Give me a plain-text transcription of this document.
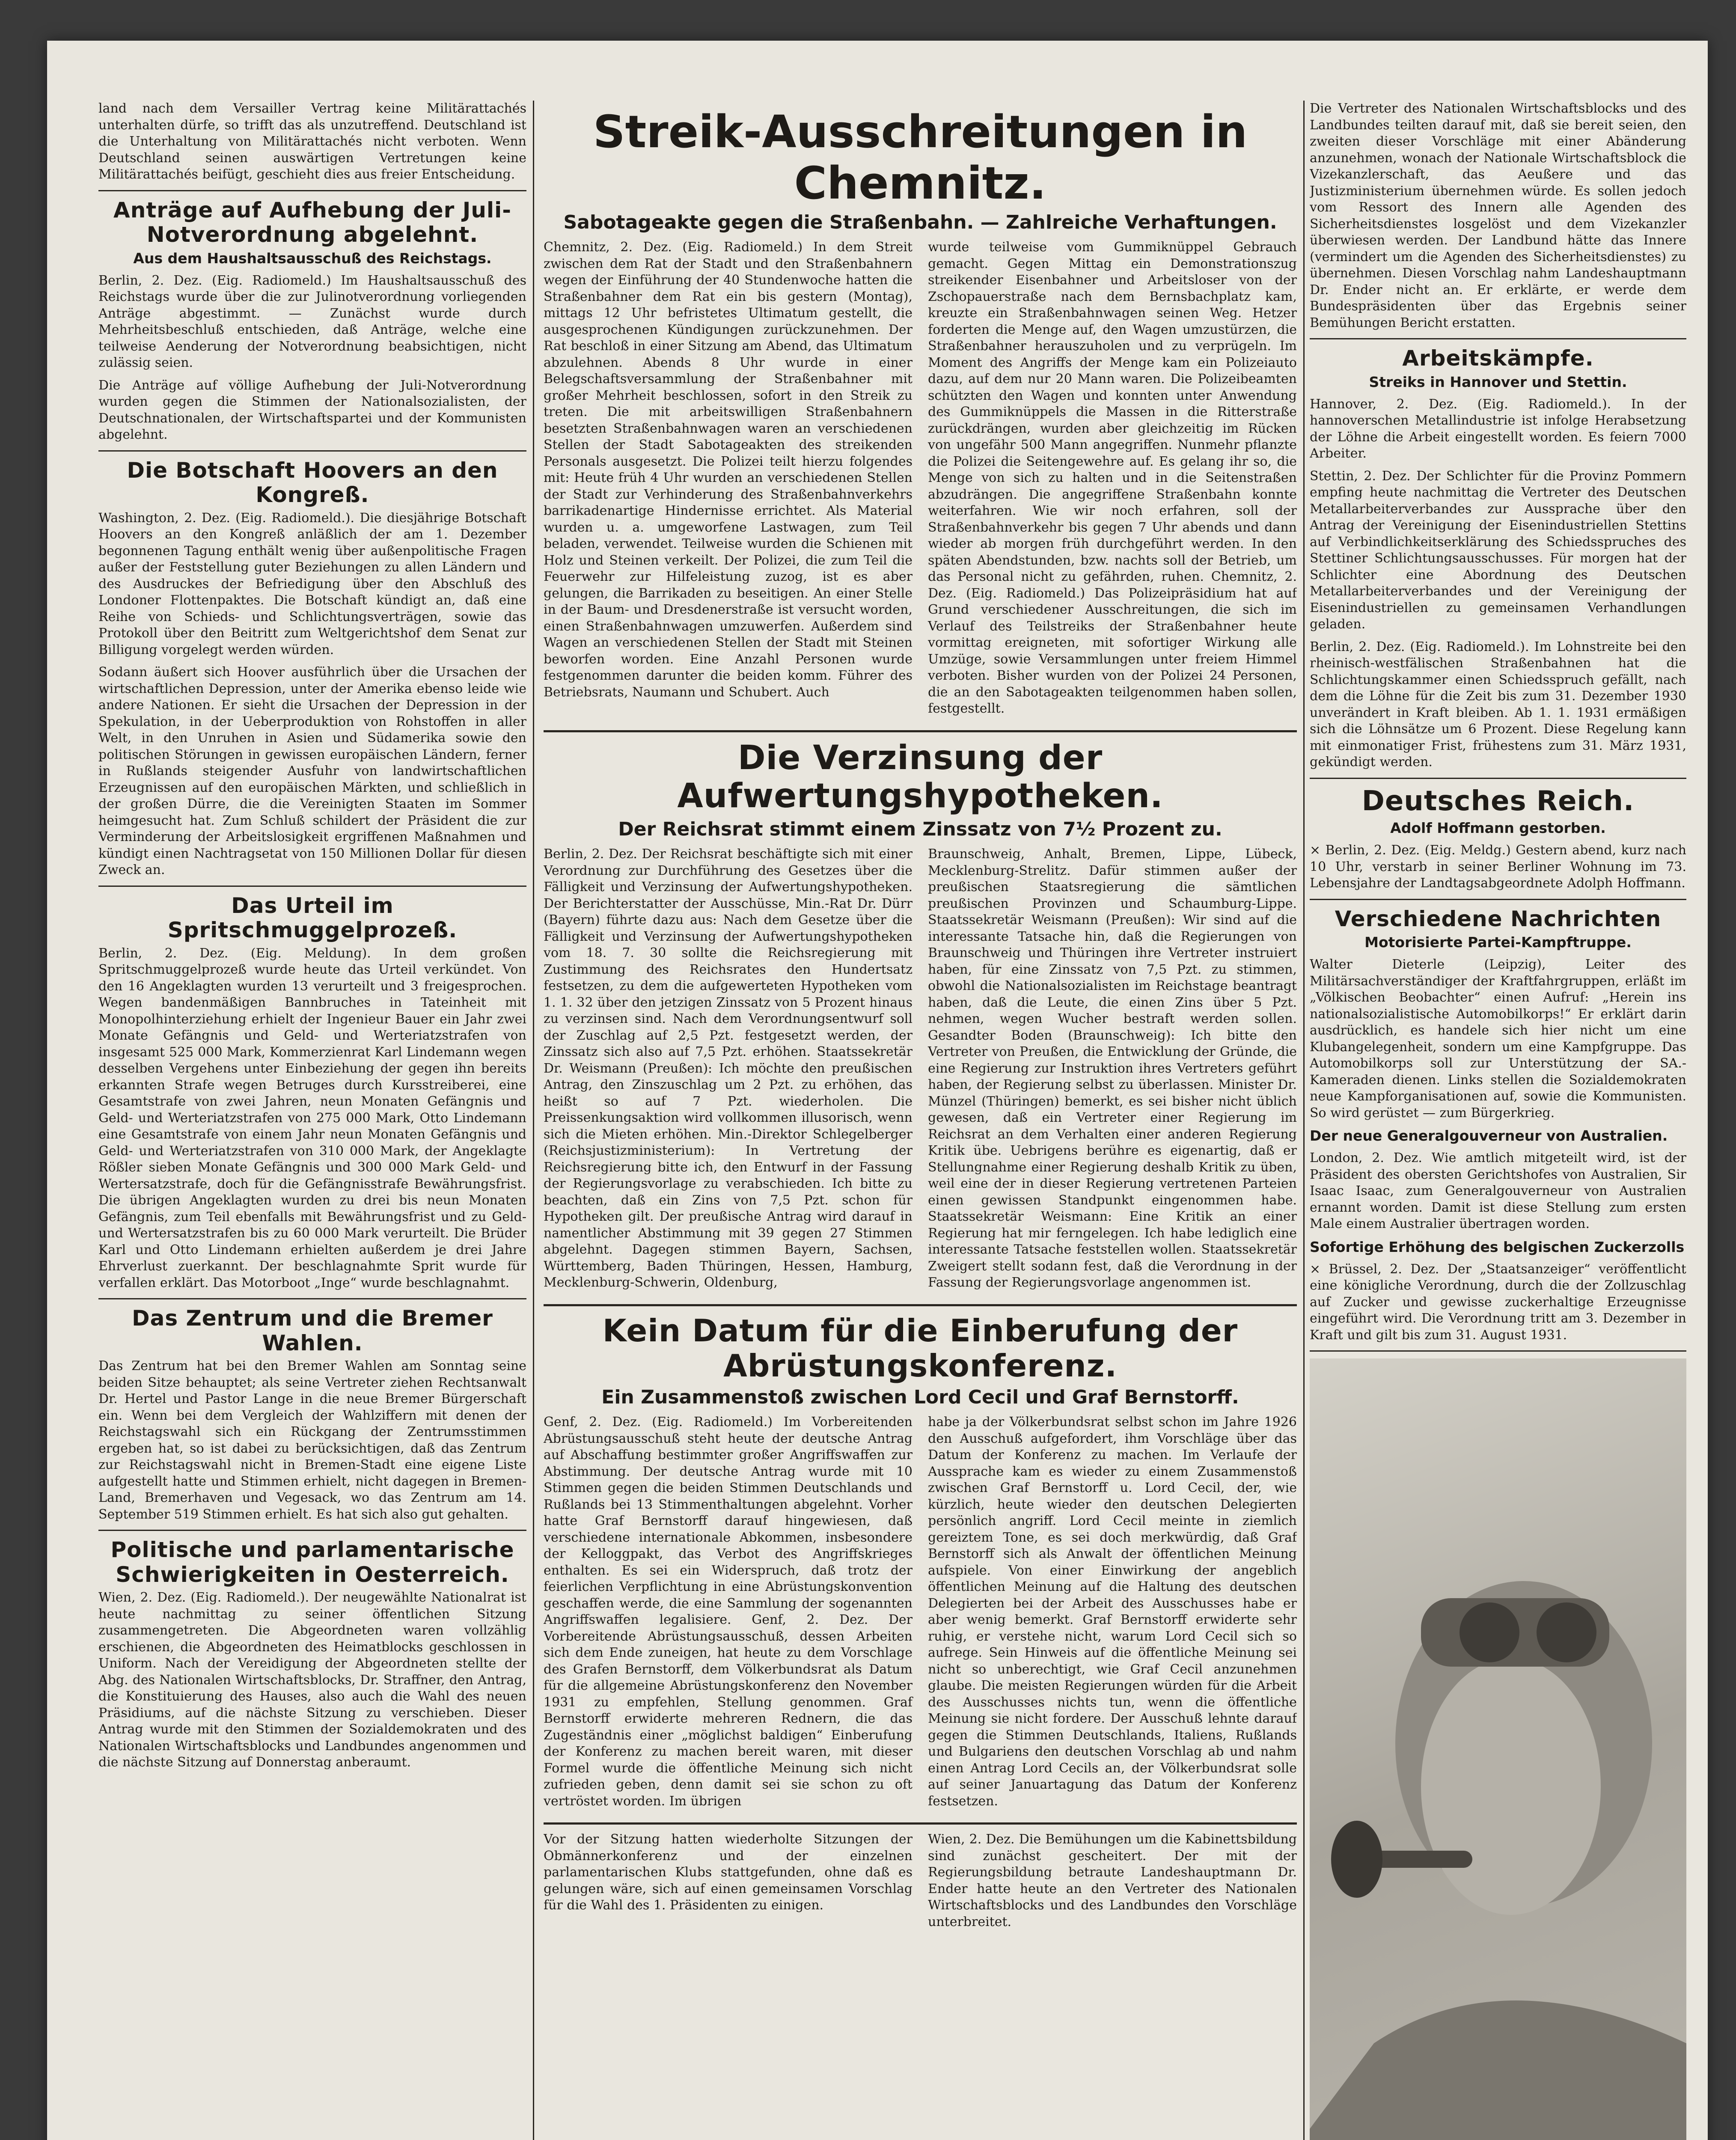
land nach dem Versailler Vertrag keine Militärattachés unterhalten dürfe, so trifft das als unzutreffend. Deutschland ist die Unterhaltung von Militärattachés nicht verboten. Wenn Deutschland seinen auswärtigen Vertretungen keine Militärattachés beifügt, geschieht dies aus freier Entscheidung.

Anträge auf Aufhebung der Juli-Notverordnung abgelehnt.
Aus dem Haushaltsausschuß des Reichstags.

Berlin, 2. Dez. (Eig. Radiomeld.) Im Haushaltsausschuß des Reichstags wurde über die zur Julinotverordnung vorliegenden Anträge abgestimmt. — Zunächst wurde durch Mehrheitsbeschluß entschieden, daß Anträge, welche eine teilweise Aenderung der Notverordnung beabsichtigen, nicht zulässig seien.

Die Anträge auf völlige Aufhebung der Juli-Notverordnung wurden gegen die Stimmen der Nationalsozialisten, der Deutschnationalen, der Wirtschaftspartei und der Kommunisten abgelehnt.

Die Botschaft Hoovers an den Kongreß.

Washington, 2. Dez. (Eig. Radiomeld.). Die diesjährige Botschaft Hoovers an den Kongreß anläßlich der am 1. Dezember begonnenen Tagung enthält wenig über außenpolitische Fragen außer der Feststellung guter Beziehungen zu allen Ländern und des Ausdruckes der Befriedigung über den Abschluß des Londoner Flottenpaktes. Die Botschaft kündigt an, daß eine Reihe von Schieds- und Schlichtungsverträgen, sowie das Protokoll über den Beitritt zum Weltgerichtshof dem Senat zur Billigung vorgelegt werden würden.

Sodann äußert sich Hoover ausführlich über die Ursachen der wirtschaftlichen Depression, unter der Amerika ebenso leide wie andere Nationen. Er sieht die Ursachen der Depression in der Spekulation, in der Ueberproduktion von Rohstoffen in aller Welt, in den Unruhen in Asien und Südamerika sowie den politischen Störungen in gewissen europäischen Ländern, ferner in Rußlands steigender Ausfuhr von landwirtschaftlichen Erzeugnissen auf den europäischen Märkten, und schließlich in der großen Dürre, die die Vereinigten Staaten im Sommer heimgesucht hat. Zum Schluß schildert der Präsident die zur Verminderung der Arbeitslosigkeit ergriffenen Maßnahmen und kündigt einen Nachtragsetat von 150 Millionen Dollar für diesen Zweck an.

Das Urteil im Spritschmuggelprozeß.

Berlin, 2. Dez. (Eig. Meldung). In dem großen Spritschmuggelprozeß wurde heute das Urteil verkündet. Von den 16 Angeklagten wurden 13 verurteilt und 3 freigesprochen. Wegen bandenmäßigen Bannbruches in Tateinheit mit Monopolhinterziehung erhielt der Ingenieur Bauer ein Jahr zwei Monate Gefängnis und Geld- und Werteriatzstrafen von insgesamt 525 000 Mark, Kommerzienrat Karl Lindemann wegen desselben Vergehens unter Einbeziehung der gegen ihn bereits erkannten Strafe wegen Betruges durch Kursstreiberei, eine Gesamtstrafe von zwei Jahren, neun Monaten Gefängnis und Geld- und Werteriatzstrafen von 275 000 Mark, Otto Lindemann eine Gesamtstrafe von einem Jahr neun Monaten Gefängnis und Geld- und Werteriatzstrafen von 310 000 Mark, der Angeklagte Rößler sieben Monate Gefängnis und 300 000 Mark Geld- und Wertersatzstrafe, doch für die Gefängnisstrafe Bewährungsfrist. Die übrigen Angeklagten wurden zu drei bis neun Monaten Gefängnis, zum Teil ebenfalls mit Bewährungsfrist und zu Geld- und Wertersatzstrafen bis zu 60 000 Mark verurteilt. Die Brüder Karl und Otto Lindemann erhielten außerdem je drei Jahre Ehrverlust zuerkannt. Der beschlagnahmte Sprit wurde für verfallen erklärt. Das Motorboot „Inge“ wurde beschlagnahmt.

Das Zentrum und die Bremer Wahlen.

Das Zentrum hat bei den Bremer Wahlen am Sonntag seine beiden Sitze behauptet; als seine Vertreter ziehen Rechtsanwalt Dr. Hertel und Pastor Lange in die neue Bremer Bürgerschaft ein. Wenn bei dem Vergleich der Wahlziffern mit denen der Reichstagswahl sich ein Rückgang der Zentrumsstimmen ergeben hat, so ist dabei zu berücksichtigen, daß das Zentrum zur Reichstagswahl nicht in Bremen-Stadt eine eigene Liste aufgestellt hatte und Stimmen erhielt, nicht dagegen in Bremen-Land, Bremerhaven und Vegesack, wo das Zentrum am 14. September 519 Stimmen erhielt. Es hat sich also gut gehalten.

Politische und parlamentarische Schwierigkeiten in Oesterreich.

Wien, 2. Dez. (Eig. Radiomeld.). Der neugewählte Nationalrat ist heute nachmittag zu seiner öffentlichen Sitzung zusammengetreten. Die Abgeordneten waren vollzählig erschienen, die Abgeordneten des Heimatblocks geschlossen in Uniform. Nach der Vereidigung der Abgeordneten stellte der Abg. des Nationalen Wirtschaftsblocks, Dr. Straffner, den Antrag, die Konstituierung des Hauses, also auch die Wahl des neuen Präsidiums, auf die nächste Sitzung zu verschieben. Dieser Antrag wurde mit den Stimmen der Sozialdemokraten und des Nationalen Wirtschaftsblocks und Landbundes angenommen und die nächste Sitzung auf Donnerstag anberaumt.

Streik-Ausschreitungen in Chemnitz.
Sabotageakte gegen die Straßenbahn. — Zahlreiche Verhaftungen.

Chemnitz, 2. Dez. (Eig. Radiomeld.) In dem Streit zwischen dem Rat der Stadt und den Straßenbahnern wegen der Einführung der 40 Stundenwoche hatten die Straßenbahner dem Rat ein bis gestern (Montag), mittags 12 Uhr befristetes Ultimatum gestellt, die ausgesprochenen Kündigungen zurückzunehmen. Der Rat beschloß in einer Sitzung am Abend, das Ultimatum abzulehnen. Abends 8 Uhr wurde in einer Belegschaftsversammlung der Straßenbahner mit großer Mehrheit beschlossen, sofort in den Streik zu treten. Die mit arbeitswilligen Straßenbahnern besetzten Straßenbahnwagen waren an verschiedenen Stellen der Stadt Sabotageakten des streikenden Personals ausgesetzt. Die Polizei teilt hierzu folgendes mit: Heute früh 4 Uhr wurden an verschiedenen Stellen der Stadt zur Verhinderung des Straßenbahnverkehrs barrikadenartige Hindernisse errichtet. Als Material wurden u. a. umgeworfene Lastwagen, zum Teil beladen, verwendet. Teilweise wurden die Schienen mit Holz und Steinen verkeilt. Der Polizei, die zum Teil die Feuerwehr zur Hilfeleistung zuzog, ist es aber gelungen, die Barrikaden zu beseitigen. An einer Stelle in der Baum- und Dresdenerstraße ist versucht worden, einen Straßenbahnwagen umzuwerfen. Außerdem sind Wagen an verschiedenen Stellen der Stadt mit Steinen beworfen worden. Eine Anzahl Personen wurde festgenommen darunter die beiden komm. Führer des Betriebsrats, Naumann und Schubert. Auch

wurde teilweise vom Gummiknüppel Gebrauch gemacht. Gegen Mittag ein Demonstrationszug streikender Eisenbahner und Arbeitsloser von der Zschopauerstraße nach dem Bernsbachplatz kam, kreuzte ein Straßenbahnwagen seinen Weg. Hetzer forderten die Menge auf, den Wagen umzustürzen, die Straßenbahner herauszuholen und zu verprügeln. Im Moment des Angriffs der Menge kam ein Polizeiauto dazu, auf dem nur 20 Mann waren. Die Polizeibeamten schützten den Wagen und konnten unter Anwendung des Gummiknüppels die Massen in die Ritterstraße zurückdrängen, wurden aber gleichzeitig im Rücken von ungefähr 500 Mann angegriffen. Nunmehr pflanzte die Polizei die Seitengewehre auf. Es gelang ihr so, die Menge von sich zu halten und in die Seitenstraßen abzudrängen. Die angegriffene Straßenbahn konnte weiterfahren. Wie wir noch erfahren, soll der Straßenbahnverkehr bis gegen 7 Uhr abends und dann wieder ab morgen früh durchgeführt werden. In den späten Abendstunden, bzw. nachts soll der Betrieb, um das Personal nicht zu gefährden, ruhen. Chemnitz, 2. Dez. (Eig. Radiomeld.) Das Polizeipräsidium hat auf Grund verschiedener Ausschreitungen, die sich im Verlauf des Teilstreiks der Straßenbahner heute vormittag ereigneten, mit sofortiger Wirkung alle Umzüge, sowie Versammlungen unter freiem Himmel verboten. Bisher wurden von der Polizei 24 Personen, die an den Sabotageakten teilgenommen haben sollen, festgestellt.

Die Verzinsung der Aufwertungshypotheken.
Der Reichsrat stimmt einem Zinssatz von 7½ Prozent zu.

Berlin, 2. Dez. Der Reichsrat beschäftigte sich mit einer Verordnung zur Durchführung des Gesetzes über die Fälligkeit und Verzinsung der Aufwertungshypotheken. Der Berichterstatter der Ausschüsse, Min.-Rat Dr. Dürr (Bayern) führte dazu aus: Nach dem Gesetze über die Fälligkeit und Verzinsung der Aufwertungshypotheken vom 18. 7. 30 sollte die Reichsregierung mit Zustimmung des Reichsrates den Hundertsatz festsetzen, zu dem die aufgewerteten Hypotheken vom 1. 1. 32 über den jetzigen Zinssatz von 5 Prozent hinaus zu verzinsen sind. Nach dem Verordnungsentwurf soll der Zuschlag auf 2,5 Pzt. festgesetzt werden, der Zinssatz sich also auf 7,5 Pzt. erhöhen. Staatssekretär Dr. Weismann (Preußen): Ich möchte den preußischen Antrag, den Zinszuschlag um 2 Pzt. zu erhöhen, das heißt so auf 7 Pzt. wiederholen. Die Preissenkungsaktion wird vollkommen illusorisch, wenn sich die Mieten erhöhen. Min.-Direktor Schlegelberger (Reichsjustizministerium): In Vertretung der Reichsregierung bitte ich, den Entwurf in der Fassung der Regierungsvorlage zu verabschieden. Ich bitte zu beachten, daß ein Zins von 7,5 Pzt. schon für Hypotheken gilt. Der preußische Antrag wird darauf in namentlicher Abstimmung mit 39 gegen 27 Stimmen abgelehnt. Dagegen stimmen Bayern, Sachsen, Württemberg, Baden Thüringen, Hessen, Hamburg, Mecklenburg-Schwerin, Oldenburg,

Braunschweig, Anhalt, Bremen, Lippe, Lübeck, Mecklenburg-Strelitz. Dafür stimmen außer der preußischen Staatsregierung die sämtlichen preußischen Provinzen und Schaumburg-Lippe. Staatssekretär Weismann (Preußen): Wir sind auf die interessante Tatsache hin, daß die Regierungen von Braunschweig und Thüringen ihre Vertreter instruiert haben, für eine Zinssatz von 7,5 Pzt. zu stimmen, obwohl die Nationalsozialisten im Reichstage beantragt haben, daß die Leute, die einen Zins über 5 Pzt. nehmen, wegen Wucher bestraft werden sollen. Gesandter Boden (Braunschweig): Ich bitte den Vertreter von Preußen, die Entwicklung der Gründe, die eine Regierung zur Instruktion ihres Vertreters geführt haben, der Regierung selbst zu überlassen. Minister Dr. Münzel (Thüringen) bemerkt, es sei bisher nicht üblich gewesen, daß ein Vertreter einer Regierung im Reichsrat an dem Verhalten einer anderen Regierung Kritik übe. Uebrigens berühre es eigenartig, daß er Stellungnahme einer Regierung deshalb Kritik zu üben, weil eine der in dieser Regierung vertretenen Parteien einen gewissen Standpunkt eingenommen habe. Staatssekretär Weismann: Eine Kritik an einer Regierung hat mir ferngelegen. Ich habe lediglich eine interessante Tatsache feststellen wollen. Staatssekretär Zweigert stellt sodann fest, daß die Verordnung in der Fassung der Regierungsvorlage angenommen ist.

Kein Datum für die Einberufung der Abrüstungskonferenz.
Ein Zusammenstoß zwischen Lord Cecil und Graf Bernstorff.

Genf, 2. Dez. (Eig. Radiomeld.) Im Vorbereitenden Abrüstungsausschuß steht heute der deutsche Antrag auf Abschaffung bestimmter großer Angriffswaffen zur Abstimmung. Der deutsche Antrag wurde mit 10 Stimmen gegen die beiden Stimmen Deutschlands und Rußlands bei 13 Stimmenthaltungen abgelehnt. Vorher hatte Graf Bernstorff darauf hingewiesen, daß verschiedene internationale Abkommen, insbesondere der Kelloggpakt, das Verbot des Angriffskrieges enthalten. Es sei ein Widerspruch, daß trotz der feierlichen Verpflichtung in eine Abrüstungskonvention geschaffen werde, die eine Sammlung der sogenannten Angriffswaffen legalisiere. Genf, 2. Dez. Der Vorbereitende Abrüstungsausschuß, dessen Arbeiten sich dem Ende zuneigen, hat heute zu dem Vorschlage des Grafen Bernstorff, dem Völkerbundsrat als Datum für die allgemeine Abrüstungskonferenz den November 1931 zu empfehlen, Stellung genommen. Graf Bernstorff erwiderte mehreren Rednern, die das Zugeständnis einer „möglichst baldigen“ Einberufung der Konferenz zu machen bereit waren, mit dieser Formel wurde die öffentliche Meinung sich nicht zufrieden geben, denn damit sei sie schon zu oft vertröstet worden. Im übrigen

habe ja der Völkerbundsrat selbst schon im Jahre 1926 den Ausschuß aufgefordert, ihm Vorschläge über das Datum der Konferenz zu machen. Im Verlaufe der Aussprache kam es wieder zu einem Zusammenstoß zwischen Graf Bernstorff u. Lord Cecil, der, wie kürzlich, heute wieder den deutschen Delegierten persönlich angriff. Lord Cecil meinte in ziemlich gereiztem Tone, es sei doch merkwürdig, daß Graf Bernstorff sich als Anwalt der öffentlichen Meinung aufspiele. Von einer Einwirkung der angeblich öffentlichen Meinung auf die Haltung des deutschen Delegierten bei der Arbeit des Ausschusses habe er aber wenig bemerkt. Graf Bernstorff erwiderte sehr ruhig, er verstehe nicht, warum Lord Cecil sich so aufrege. Sein Hinweis auf die öffentliche Meinung sei nicht so unberechtigt, wie Graf Cecil anzunehmen glaube. Die meisten Regierungen würden für die Arbeit des Ausschusses nichts tun, wenn die öffentliche Meinung sie nicht fordere. Der Ausschuß lehnte darauf gegen die Stimmen Deutschlands, Italiens, Rußlands und Bulgariens den deutschen Vorschlag ab und nahm einen Antrag Lord Cecils an, der Völkerbundsrat solle auf seiner Januartagung das Datum der Konferenz festsetzen.

Vor der Sitzung hatten wiederholte Sitzungen der Obmännerkonferenz und der einzelnen parlamentarischen Klubs stattgefunden, ohne daß es gelungen wäre, sich auf einen gemeinsamen Vorschlag für die Wahl des 1. Präsidenten zu einigen.

Wien, 2. Dez. Die Bemühungen um die Kabinettsbildung sind zunächst gescheitert. Der mit der Regierungsbildung betraute Landeshauptmann Dr. Ender hatte heute an den Vertreter des Nationalen Wirtschaftsblocks und des Landbundes den Vorschläge unterbreitet.

Die Vertreter des Nationalen Wirtschaftsblocks und des Landbundes teilten darauf mit, daß sie bereit seien, den zweiten dieser Vorschläge mit einer Abänderung anzunehmen, wonach der Nationale Wirtschaftsblock die Vizekanzlerschaft, das Aeußere und das Justizministerium übernehmen würde. Es sollen jedoch vom Ressort des Innern alle Agenden des Sicherheitsdienstes losgelöst und dem Vizekanzler überwiesen werden. Der Landbund hätte das Innere (vermindert um die Agenden des Sicherheitsdienstes) zu übernehmen. Diesen Vorschlag nahm Landeshauptmann Dr. Ender nicht an. Er erklärte, er werde dem Bundespräsidenten über das Ergebnis seiner Bemühungen Bericht erstatten.

Arbeitskämpfe.
Streiks in Hannover und Stettin.

Hannover, 2. Dez. (Eig. Radiomeld.). In der hannoverschen Metallindustrie ist infolge Herabsetzung der Löhne die Arbeit eingestellt worden. Es feiern 7000 Arbeiter.

Stettin, 2. Dez. Der Schlichter für die Provinz Pommern empfing heute nachmittag die Vertreter des Deutschen Metallarbeiterverbandes zur Aussprache über den Antrag der Vereinigung der Eisenindustriellen Stettins auf Verbindlichkeitserklärung des Schiedsspruches des Stettiner Schlichtungsausschusses. Für morgen hat der Schlichter eine Abordnung des Deutschen Metallarbeiterverbandes und der Vereinigung der Eisenindustriellen zu gemeinsamen Verhandlungen geladen.

Berlin, 2. Dez. (Eig. Radiomeld.). Im Lohnstreite bei den rheinisch-westfälischen Straßenbahnen hat die Schlichtungskammer einen Schiedsspruch gefällt, nach dem die Löhne für die Zeit bis zum 31. Dezember 1930 unverändert in Kraft bleiben. Ab 1. 1. 1931 ermäßigen sich die Löhnsätze um 6 Prozent. Diese Regelung kann mit einmonatiger Frist, frühestens zum 31. März 1931, gekündigt werden.

Deutsches Reich.
Adolf Hoffmann gestorben.

× Berlin, 2. Dez. (Eig. Meldg.) Gestern abend, kurz nach 10 Uhr, verstarb in seiner Berliner Wohnung im 73. Lebensjahre der Landtagsabgeordnete Adolph Hoffmann.

Verschiedene Nachrichten
Motorisierte Partei-Kampftruppe.

Walter Dieterle (Leipzig), Leiter des Militärsachverständiger der Kraftfahrgruppen, erläßt im „Völkischen Beobachter“ einen Aufruf: „Herein ins nationalsozialistische Automobilkorps!“ Er erklärt darin ausdrücklich, es handele sich hier nicht um eine Klubangelegenheit, sondern um eine Kampfgruppe. Das Automobilkorps soll zur Unterstützung der SA.-Kameraden dienen. Links stellen die Sozialdemokraten neue Kampforganisationen auf, sowie die Kommunisten. So wird gerüstet — zum Bürgerkrieg.

Der neue Generalgouverneur von Australien.

London, 2. Dez. Wie amtlich mitgeteilt wird, ist der Präsident des obersten Gerichtshofes von Australien, Sir Isaac Isaac, zum Generalgouverneur von Australien ernannt worden. Damit ist diese Stellung zum ersten Male einem Australier übertragen worden.

Sofortige Erhöhung des belgischen Zuckerzolls

× Brüssel, 2. Dez. Der „Staatsanzeiger“ veröffentlicht eine königliche Verordnung, durch die der Zollzuschlag auf Zucker und gewisse zuckerhaltige Erzeugnisse eingeführt wird. Die Verordnung tritt am 3. Dezember in Kraft und gilt bis zum 31. August 1931.
